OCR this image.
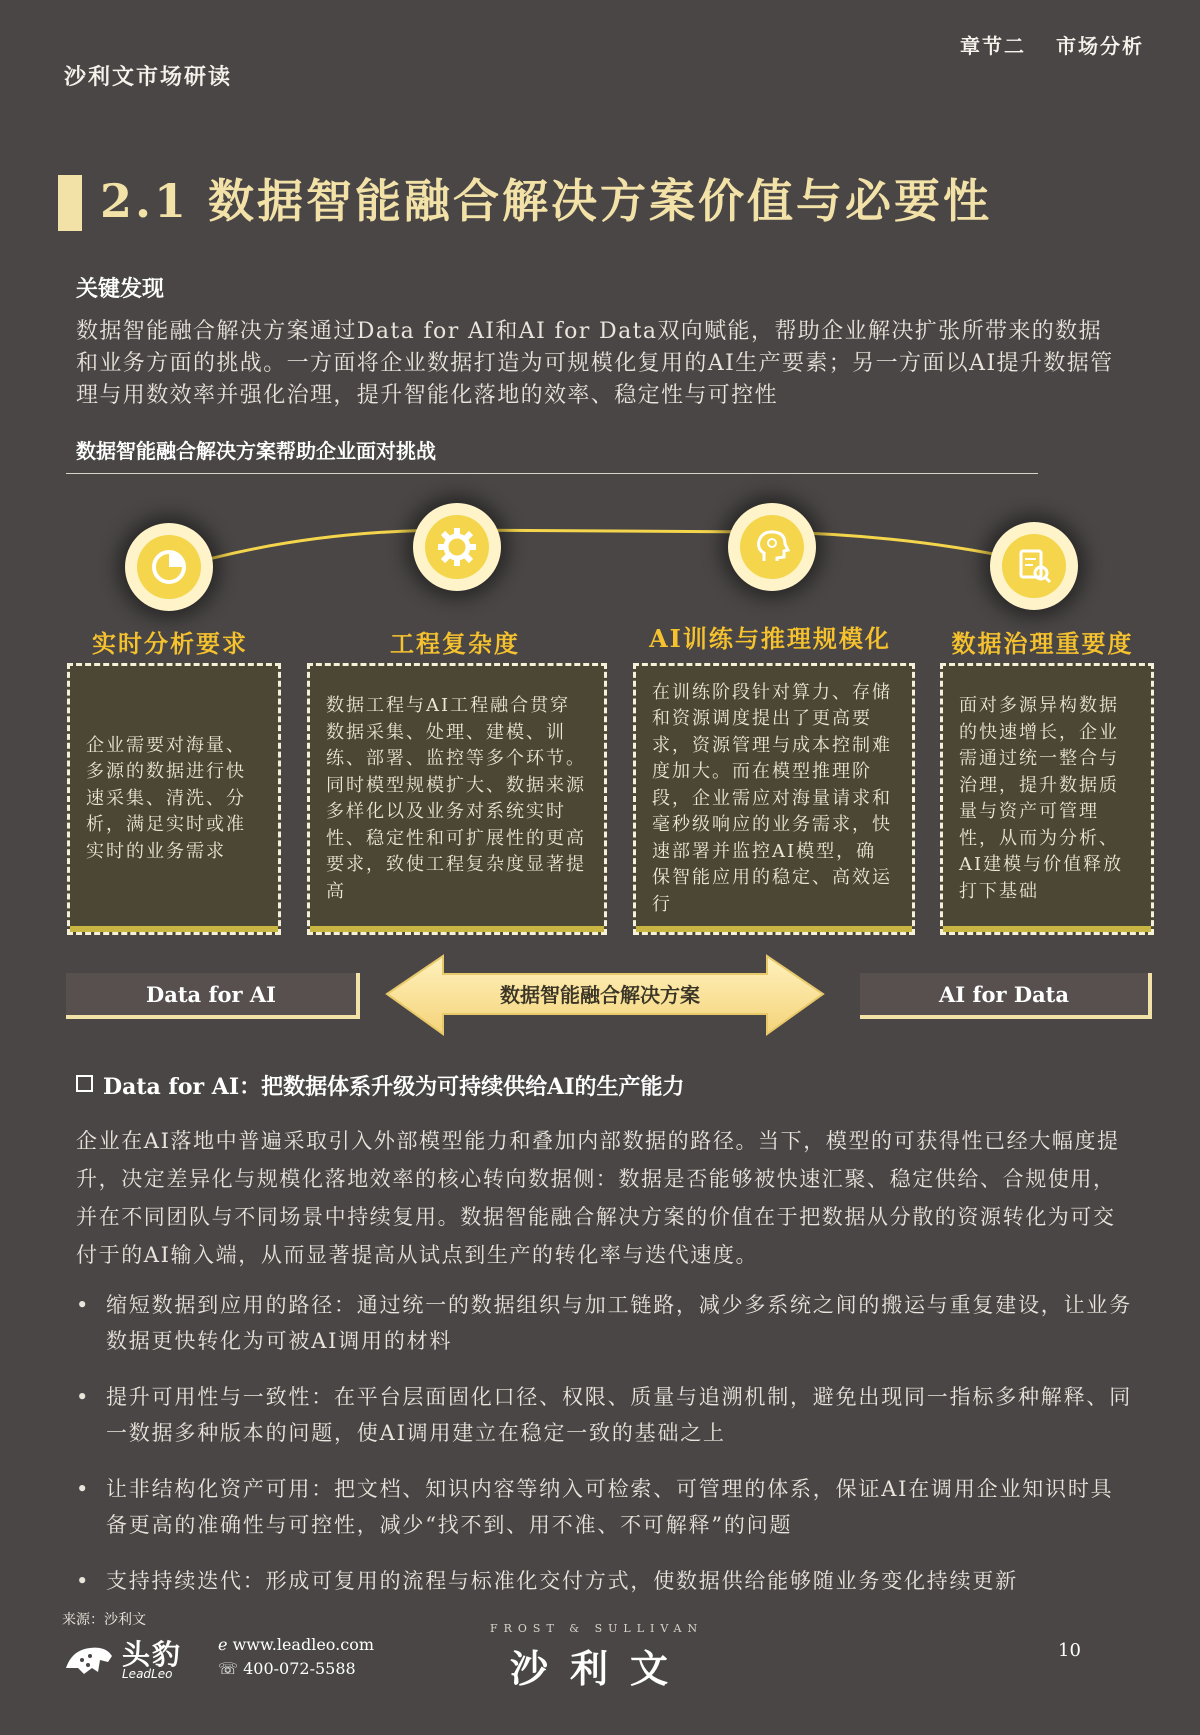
沙利文市场研读
章节二 市场分析
2.1 数据智能融合解决方案价值与必要性
关键发现
数据智能融合解决方案通过Data for AI和AI for Data双向赋能，帮助企业解决扩张所带来的数据和业务方面的挑战。一方面将企业数据打造为可规模化复用的AI生产要素；另一方面以AI提升数据管理与用数效率并强化治理，提升智能化落地的效率、稳定性与可控性
数据智能融合解决方案帮助企业面对挑战
实时分析要求	工程复杂度	AI训练与推理规模化	数据治理重要度
企业需要对海量、多源的数据进行快速采集、清洗、分析，满足实时或准实时的业务需求
数据工程与AI工程融合贯穿数据采集、处理、建模、训练、部署、监控等多个环节。同时模型规模扩大、数据来源多样化以及业务对系统实时性、稳定性和可扩展性的更高要求，致使工程复杂度显著提高
在训练阶段针对算力、存储和资源调度提出了更高要求，资源管理与成本控制难度加大。而在模型推理阶段，企业需应对海量请求和毫秒级响应的业务需求，快速部署并监控AI模型，确保智能应用的稳定、高效运行
面对多源异构数据的快速增长，企业需通过统一整合与治理，提升数据质量与资产可管理性，从而为分析、AI建模与价值释放打下基础
Data for AI	数据智能融合解决方案	AI for Data
Data for AI：把数据体系升级为可持续供给AI的生产能力
企业在AI落地中普遍采取引入外部模型能力和叠加内部数据的路径。当下，模型的可获得性已经大幅度提升，决定差异化与规模化落地效率的核心转向数据侧：数据是否能够被快速汇聚、稳定供给、合规使用，并在不同团队与不同场景中持续复用。数据智能融合解决方案的价值在于把数据从分散的资源转化为可交付于的AI输入端，从而显著提高从试点到生产的转化率与迭代速度。
• 缩短数据到应用的路径：通过统一的数据组织与加工链路，减少多系统之间的搬运与重复建设，让业务数据更快转化为可被AI调用的材料
• 提升可用性与一致性：在平台层面固化口径、权限、质量与追溯机制，避免出现同一指标多种解释、同一数据多种版本的问题，使AI调用建立在稳定一致的基础之上
• 让非结构化资产可用：把文档、知识内容等纳入可检索、可管理的体系，保证AI在调用企业知识时具备更高的准确性与可控性，减少“找不到、用不准、不可解释”的问题
• 支持持续迭代：形成可复用的流程与标准化交付方式，使数据供给能够随业务变化持续更新
来源：沙利文
头豹
LeadLeo
ℯ www.leadleo.com
☏ 400-072-5588
FROST & SULLIVAN
沙利文	10
